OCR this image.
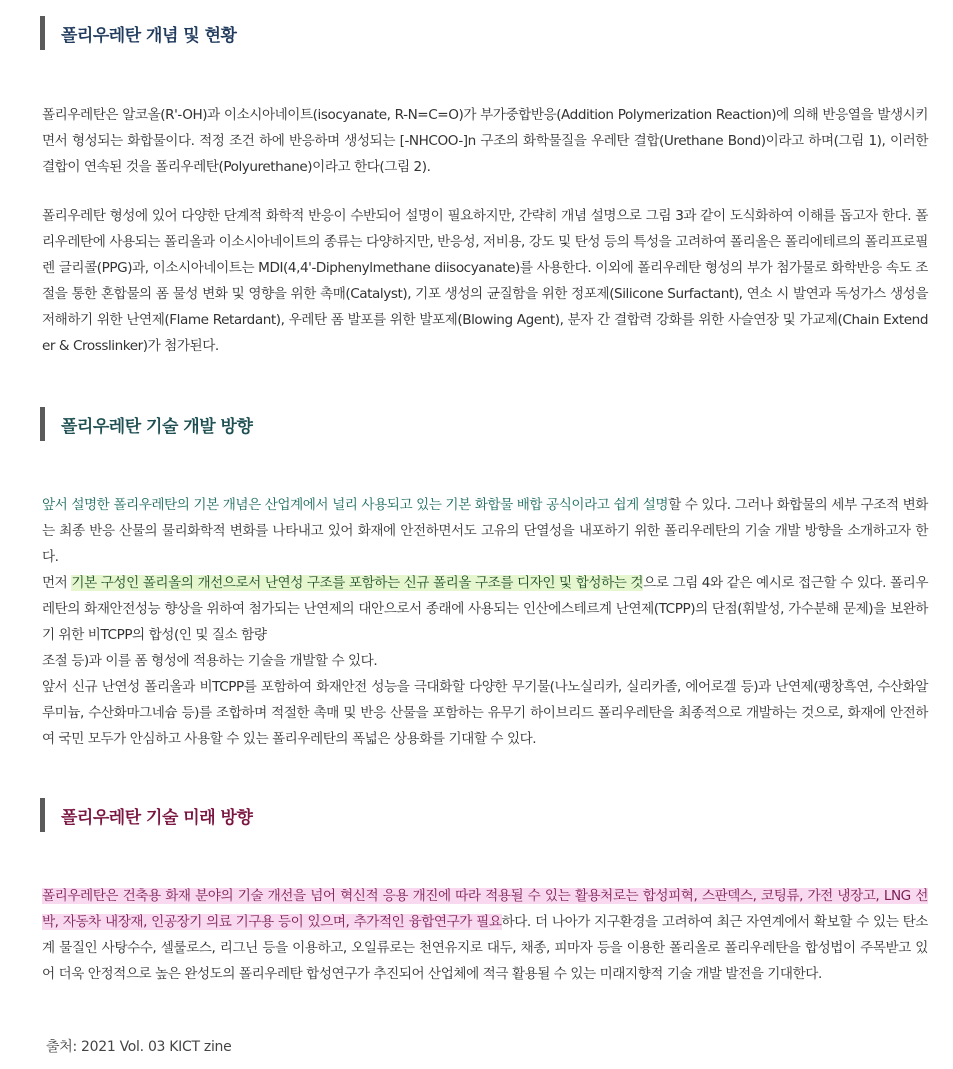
폴리우레탄 개념 및 현황

폴리우레탄은 알코올(R'-OH)과 이소시아네이트(isocyanate, R-N=C=O)가 부가중합반응(Addition Polymerization Reaction)에 의해 반응열을 발생시키면서 형성되는 화합물이다. 적정 조건 하에 반응하며 생성되는 [-NHCOO-]n 구조의 화학물질을 우레탄 결합(Urethane Bond)이라고 하며(그림 1), 이러한 결합이 연속된 것을 폴리우레탄(Polyurethane)이라고 한다(그림 2).

폴리우레탄 형성에 있어 다양한 단계적 화학적 반응이 수반되어 설명이 필요하지만, 간략히 개념 설명으로 그림 3과 같이 도식화하여 이해를 돕고자 한다. 폴리우레탄에 사용되는 폴리올과 이소시아네이트의 종류는 다양하지만, 반응성, 저비용, 강도 및 탄성 등의 특성을 고려하여 폴리올은 폴리에테르의 폴리프로필렌 글리콜(PPG)과, 이소시아네이트는 MDI(4,4'-Diphenylmethane diisocyanate)를 사용한다. 이외에 폴리우레탄 형성의 부가 첨가물로 화학반응 속도 조절을 통한 혼합물의 폼 물성 변화 및 영향을 위한 촉매(Catalyst), 기포 생성의 균질함을 위한 정포제(Silicone Surfactant), 연소 시 발연과 독성가스 생성을 저해하기 위한 난연제(Flame Retardant), 우레탄 폼 발포를 위한 발포제(Blowing Agent), 분자 간 결합력 강화를 위한 사슬연장 및 가교제(Chain Extender & Crosslinker)가 첨가된다.

폴리우레탄 기술 개발 방향
앞서 설명한 폴리우레탄의 기본 개념은 산업계에서 널리 사용되고 있는 기본 화합물 배합 공식이라고 쉽게 설명할 수 있다. 그러나 화합물의 세부 구조적 변화는 최종 반응 산물의 물리화학적 변화를 나타내고 있어 화재에 안전하면서도 고유의 단열성을 내포하기 위한 폴리우레탄의 기술 개발 방향을 소개하고자 한다.
먼저 기본 구성인 폴리올의 개선으로서 난연성 구조를 포함하는 신규 폴리올 구조를 디자인 및 합성하는 것으로 그림 4와 같은 예시로 접근할 수 있다. 폴리우레탄의 화재안전성능 향상을 위하여 첨가되는 난연제의 대안으로서 종래에 사용되는 인산에스테르계 난연제(TCPP)의 단점(휘발성, 가수분해 문제)을 보완하기 위한 비TCPP의 합성(인 및 질소 함량
조절 등)과 이를 폼 형성에 적용하는 기술을 개발할 수 있다.
앞서 신규 난연성 폴리올과 비TCPP를 포함하여 화재안전 성능을 극대화할 다양한 무기물(나노실리카, 실리카졸, 에어로겔 등)과 난연제(팽창흑연, 수산화알루미늄, 수산화마그네슘 등)를 조합하며 적절한 촉매 및 반응 산물을 포함하는 유무기 하이브리드 폴리우레탄을 최종적으로 개발하는 것으로, 화재에 안전하여 국민 모두가 안심하고 사용할 수 있는 폴리우레탄의 폭넓은 상용화를 기대할 수 있다.
폴리우레탄 기술 미래 방향

폴리우레탄은 건축용 화재 분야의 기술 개선을 넘어 혁신적 응용 개진에 따라 적용될 수 있는 활용처로는 합성피혁, 스판덱스, 코팅류, 가전 냉장고, LNG 선박, 자동차 내장재, 인공장기 의료 기구용 등이 있으며, 추가적인 융합연구가 필요하다. 더 나아가 지구환경을 고려하여 최근 자연계에서 확보할 수 있는 탄소계 물질인 사탕수수, 셀룰로스, 리그닌 등을 이용하고, 오일류로는 천연유지로 대두, 채종, 피마자 등을 이용한 폴리올로 폴리우레탄을 합성법이 주목받고 있어 더욱 안정적으로 높은 완성도의 폴리우레탄 합성연구가 추진되어 산업체에 적극 활용될 수 있는 미래지향적 기술 개발 발전을 기대한다.

출처: 2021 Vol. 03 KICT zine
